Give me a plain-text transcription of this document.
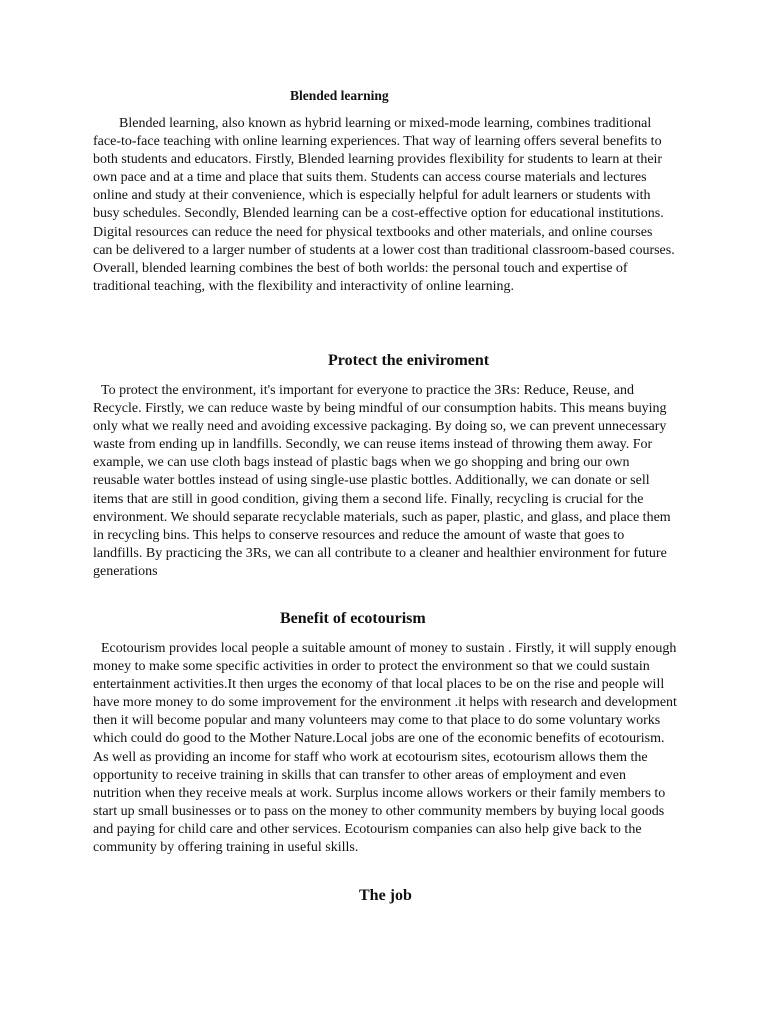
Blended learning

Blended learning, also known as hybrid learning or mixed-mode learning, combines traditional face-to-face teaching with online learning experiences. That way of learning offers several benefits to both students and educators. Firstly, Blended learning provides flexibility for students to learn at their own pace and at a time and place that suits them. Students can access course materials and lectures online and study at their convenience, which is especially helpful for adult learners or students with busy schedules. Secondly, Blended learning can be a cost-effective option for educational institutions. Digital resources can reduce the need for physical textbooks and other materials, and online courses can be delivered to a larger number of students at a lower cost than traditional classroom-based courses. Overall, blended learning combines the best of both worlds: the personal touch and expertise of traditional teaching, with the flexibility and interactivity of online learning.

Protect the eniviroment

To protect the environment, it's important for everyone to practice the 3Rs: Reduce, Reuse, and Recycle. Firstly, we can reduce waste by being mindful of our consumption habits. This means buying only what we really need and avoiding excessive packaging. By doing so, we can prevent unnecessary waste from ending up in landfills. Secondly, we can reuse items instead of throwing them away. For example, we can use cloth bags instead of plastic bags when we go shopping and bring our own reusable water bottles instead of using single-use plastic bottles. Additionally, we can donate or sell items that are still in good condition, giving them a second life. Finally, recycling is crucial for the environment. We should separate recyclable materials, such as paper, plastic, and glass, and place them in recycling bins. This helps to conserve resources and reduce the amount of waste that goes to landfills. By practicing the 3Rs, we can all contribute to a cleaner and healthier environment for future generations

Benefit of ecotourism

Ecotourism provides local people a suitable amount of money to sustain . Firstly, it will supply enough money to make some specific activities in order to protect the environment so that we could sustain entertainment activities.It then urges the economy of that local places to be on the rise and people will have more money to do some improvement for the environment .it helps with research and development then it will become popular and many volunteers may come to that place to do some voluntary works which could do good to the Mother Nature.Local jobs are one of the economic benefits of ecotourism. As well as providing an income for staff who work at ecotourism sites, ecotourism allows them the opportunity to receive training in skills that can transfer to other areas of employment and even nutrition when they receive meals at work. Surplus income allows workers or their family members to start up small businesses or to pass on the money to other community members by buying local goods and paying for child care and other services. Ecotourism companies can also help give back to the community by offering training in useful skills.

The job
